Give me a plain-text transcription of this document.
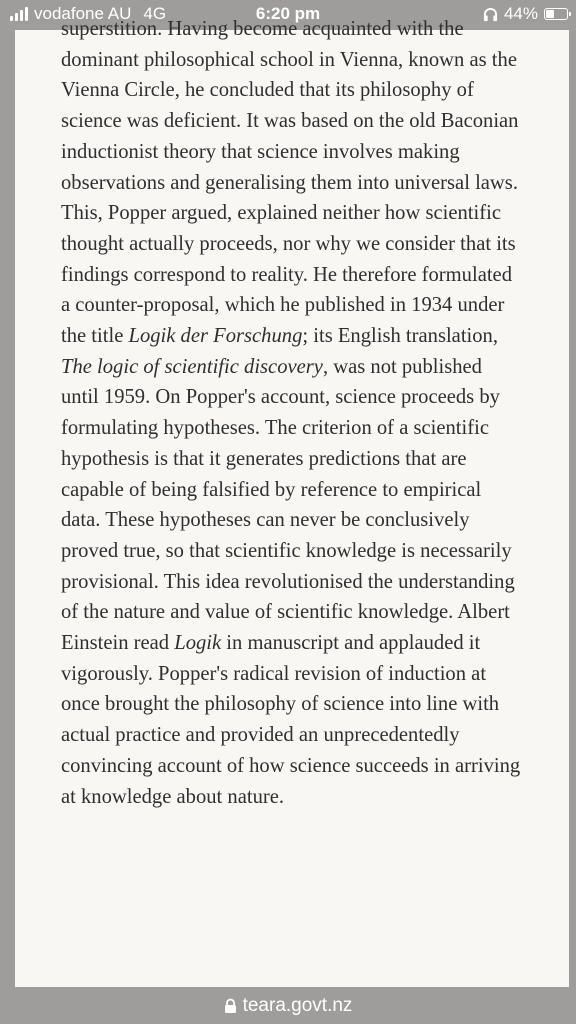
vodafone AU 4G	6:20 pm	44%

superstition. Having become acquainted with the dominant philosophical school in Vienna, known as the Vienna Circle, he concluded that its philosophy of science was deficient. It was based on the old Baconian inductionist theory that science involves making observations and generalising them into universal laws. This, Popper argued, explained neither how scientific thought actually proceeds, nor why we consider that its findings correspond to reality. He therefore formulated a counter-proposal, which he published in 1934 under the title Logik der Forschung; its English translation, The logic of scientific discovery, was not published until 1959. On Popper's account, science proceeds by formulating hypotheses. The criterion of a scientific hypothesis is that it generates predictions that are capable of being falsified by reference to empirical data. These hypotheses can never be conclusively proved true, so that scientific knowledge is necessarily provisional. This idea revolutionised the understanding of the nature and value of scientific knowledge. Albert Einstein read Logik in manuscript and applauded it vigorously. Popper's radical revision of induction at once brought the philosophy of science into line with actual practice and provided an unprecedentedly convincing account of how science succeeds in arriving at knowledge about nature.

teara.govt.nz
